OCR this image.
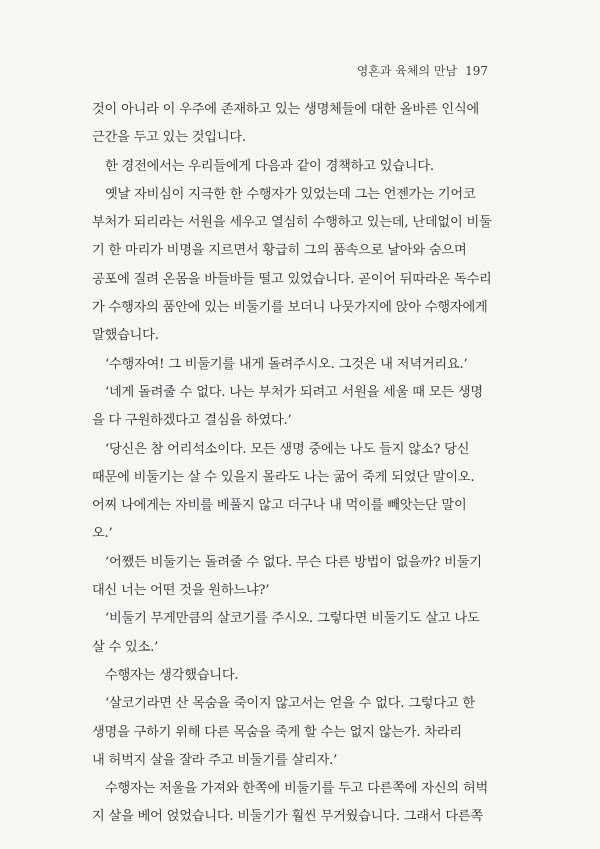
영혼과 육체의 만남 197
것이 아니라 이 우주에 존재하고 있는 생명체들에 대한 올바른 인식에
근간을 두고 있는 것입니다.
한 경전에서는 우리들에게 다음과 같이 경책하고 있습니다.
옛날 자비심이 지극한 한 수행자가 있었는데 그는 언젠가는 기어코
부처가 되리라는 서원을 세우고 열심히 수행하고 있는데, 난데없이 비둘
기 한 마리가 비명을 지르면서 황급히 그의 품속으로 날아와 숨으며
공포에 질려 온몸을 바들바들 떨고 있었습니다. 곧이어 뒤따라온 독수리
가 수행자의 품안에 있는 비둘기를 보더니 나뭇가지에 앉아 수행자에게
말했습니다.
‘수행자여! 그 비둘기를 내게 돌려주시오. 그것은 내 저녁거리요.’
‘네게 돌려줄 수 없다. 나는 부처가 되려고 서원을 세울 때 모든 생명
을 다 구원하겠다고 결심을 하였다.’
‘당신은 참 어리석소이다. 모든 생명 중에는 나도 들지 않소? 당신
때문에 비둘기는 살 수 있을지 몰라도 나는 굶어 죽게 되었단 말이오.
어찌 나에게는 자비를 베풀지 않고 더구나 내 먹이를 빼앗는단 말이
오.’
‘어쨌든 비둘기는 돌려줄 수 없다. 무슨 다른 방법이 없을까? 비둘기
대신 너는 어떤 것을 원하느냐?’
‘비둘기 무게만큼의 살코기를 주시오. 그렇다면 비둘기도 살고 나도
살 수 있소.’
수행자는 생각했습니다.
‘살코기라면 산 목숨을 죽이지 않고서는 얻을 수 없다. 그렇다고 한
생명을 구하기 위해 다른 목숨을 죽게 할 수는 없지 않는가. 차라리
내 허벅지 살을 잘라 주고 비둘기를 살리자.’
수행자는 저울을 가져와 한쪽에 비둘기를 두고 다른쪽에 자신의 허벅
지 살을 베어 얹었습니다. 비둘기가 훨씬 무거웠습니다. 그래서 다른쪽
